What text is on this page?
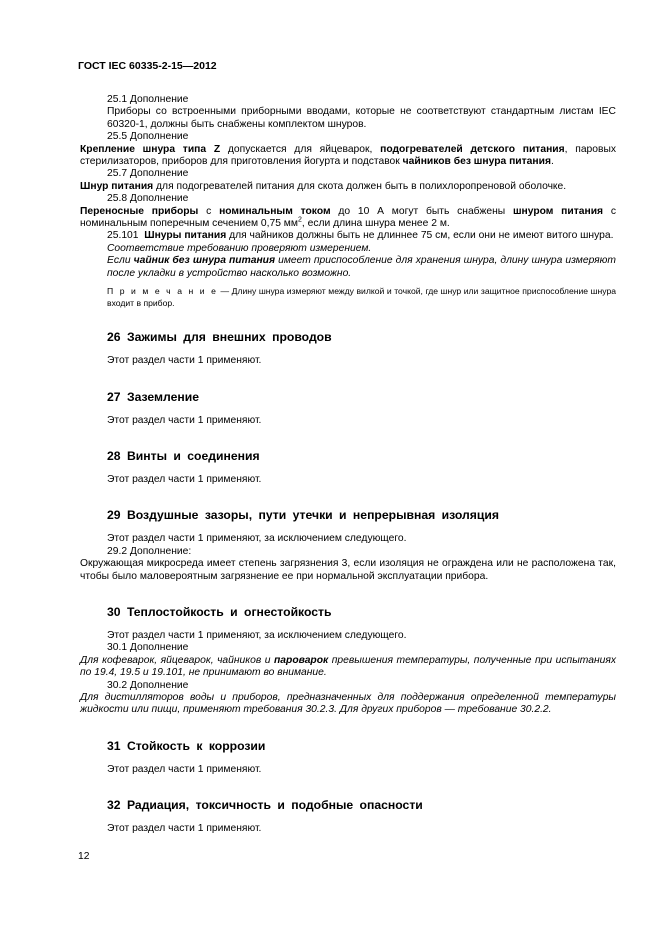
ГОСТ IEC 60335-2-15—2012

25.1 Дополнение

Приборы со встроенными приборными вводами, которые не соответствуют стандартным листам IEC 60320-1, должны быть снабжены комплектом шнуров.

25.5 Дополнение

Крепление шнура типа Z допускается для яйцеварок, подогревателей детского питания, паровых стерилизаторов, приборов для приготовления йогурта и подставок чайников без шнура питания.

25.7 Дополнение

Шнур питания для подогревателей питания для скота должен быть в полихлоропреновой оболочке.

25.8 Дополнение

Переносные приборы с номинальным током до 10 А могут быть снабжены шнуром питания с номинальным поперечным сечением 0,75 $мм^2$, если длина шнура менее 2 м.

25.101 Шнуры питания для чайников должны быть не длиннее 75 см, если они не имеют витого шнура.

Соответствие требованию проверяют измерением.

Если чайник без шнура питания имеет приспособление для хранения шнура, длину шнура измеряют после укладки в устройство насколько возможно.

П р и м е ч а н и е — Длину шнура измеряют между вилкой и точкой, где шнур или защитное приспособление шнура входит в прибор.

26 Зажимы для внешних проводов

Этот раздел части 1 применяют.

27 Заземление

Этот раздел части 1 применяют.

28 Винты и соединения

Этот раздел части 1 применяют.

29 Воздушные зазоры, пути утечки и непрерывная изоляция

Этот раздел части 1 применяют, за исключением следующего.

29.2 Дополнение:

Окружающая микросреда имеет степень загрязнения 3, если изоляция не ограждена или не расположена так, чтобы было маловероятным загрязнение ее при нормальной эксплуатации прибора.

30 Теплостойкость и огнестойкость

Этот раздел части 1 применяют, за исключением следующего.

30.1 Дополнение

Для кофеварок, яйцеварок, чайников и пароварок превышения температуры, полученные при испытаниях по 19.4, 19.5 и 19.101, не принимают во внимание.

30.2 Дополнение

Для дистилляторов воды и приборов, предназначенных для поддержания определенной температуры жидкости или пищи, применяют требования 30.2.3. Для других приборов — требование 30.2.2.

31 Стойкость к коррозии

Этот раздел части 1 применяют.

32 Радиация, токсичность и подобные опасности

Этот раздел части 1 применяют.

12
